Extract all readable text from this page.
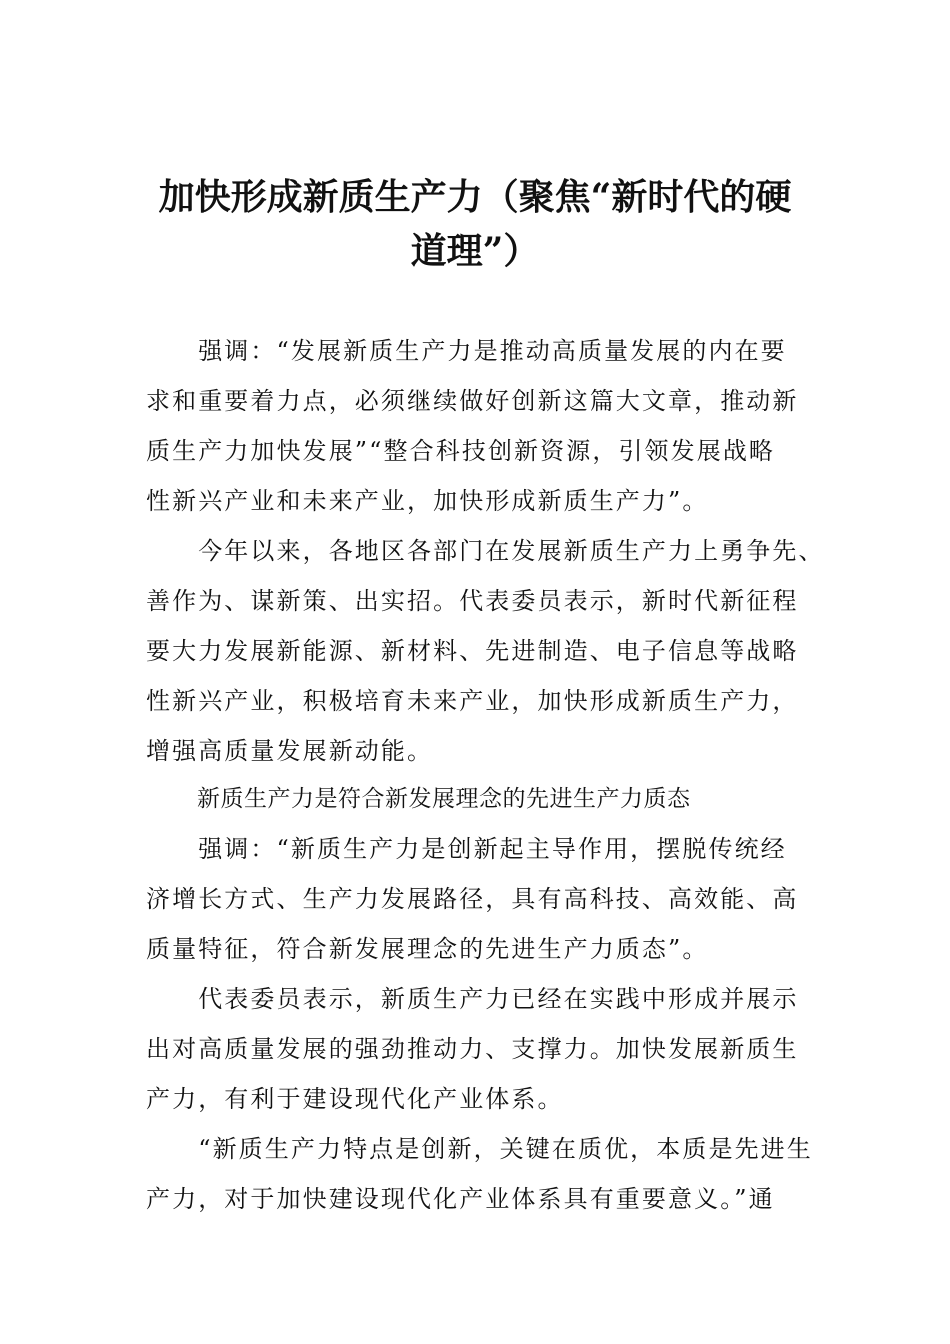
加快形成新质生产力（聚焦“新时代的硬
道理”）
　　强调：“发展新质生产力是推动高质量发展的内在要
求和重要着力点，必须继续做好创新这篇大文章，推动新
质生产力加快发展”“整合科技创新资源，引领发展战略
性新兴产业和未来产业，加快形成新质生产力”。
　　今年以来，各地区各部门在发展新质生产力上勇争先、
善作为、谋新策、出实招。代表委员表示，新时代新征程
要大力发展新能源、新材料、先进制造、电子信息等战略
性新兴产业，积极培育未来产业，加快形成新质生产力，
增强高质量发展新动能。
新质生产力是符合新发展理念的先进生产力质态
　　强调：“新质生产力是创新起主导作用，摆脱传统经
济增长方式、生产力发展路径，具有高科技、高效能、高
质量特征，符合新发展理念的先进生产力质态”。
　　代表委员表示，新质生产力已经在实践中形成并展示
出对高质量发展的强劲推动力、支撑力。加快发展新质生
产力，有利于建设现代化产业体系。
　　“新质生产力特点是创新，关键在质优，本质是先进生
产力，对于加快建设现代化产业体系具有重要意义。”通
